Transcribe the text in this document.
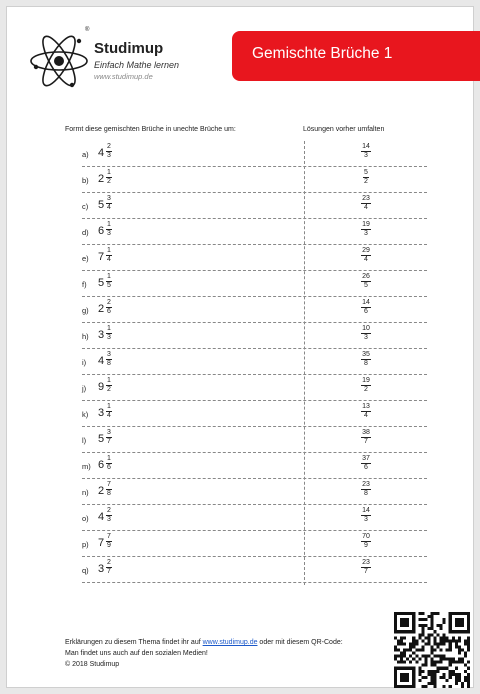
®
Studimup
Einfach Mathe lernen
www.studimup.de
Gemischte Brüche 1
Formt diese gemischten Brüche in unechte Brüche um:	Lösungen vorher umfalten
a) $4 \frac{2}{3}$	$\frac{14}{3}$
b) $2 \frac{1}{2}$	$\frac{5}{2}$
c) $5 \frac{3}{4}$	$\frac{23}{4}$
d) $6 \frac{1}{3}$	$\frac{19}{3}$
e) $7 \frac{1}{4}$	$\frac{29}{4}$
f)	$5 \frac{1}{5}$	$\frac{26}{5}$
g) $2 \frac{2}{6}$	$\frac{14}{6}$
h) $3 \frac{1}{3}$	$\frac{10}{3}$
i)	$4 \frac{3}{8}$	$\frac{35}{8}$
j)	$9 \frac{1}{2}$	$\frac{19}{2}$
k) $3 \frac{1}{4}$	$\frac{13}{4}$
l)	$5 \frac{3}{7}$	$\frac{38}{7}$
m) $6 \frac{1}{6}$	$\frac{37}{6}$
n) $2 \frac{7}{8}$	$\frac{23}{8}$
o) $4 \frac{2}{3}$	$\frac{14}{3}$
p) $7 \frac{7}{9}$	$\frac{70}{9}$
q) $3 \frac{2}{7}$	$\frac{23}{7}$
Erklärungen zu diesem Thema findet ihr auf www.studimup.de oder mit diesem QR-Code:
Man findet uns auch auf den sozialen Medien!
© 2018 Studimup
